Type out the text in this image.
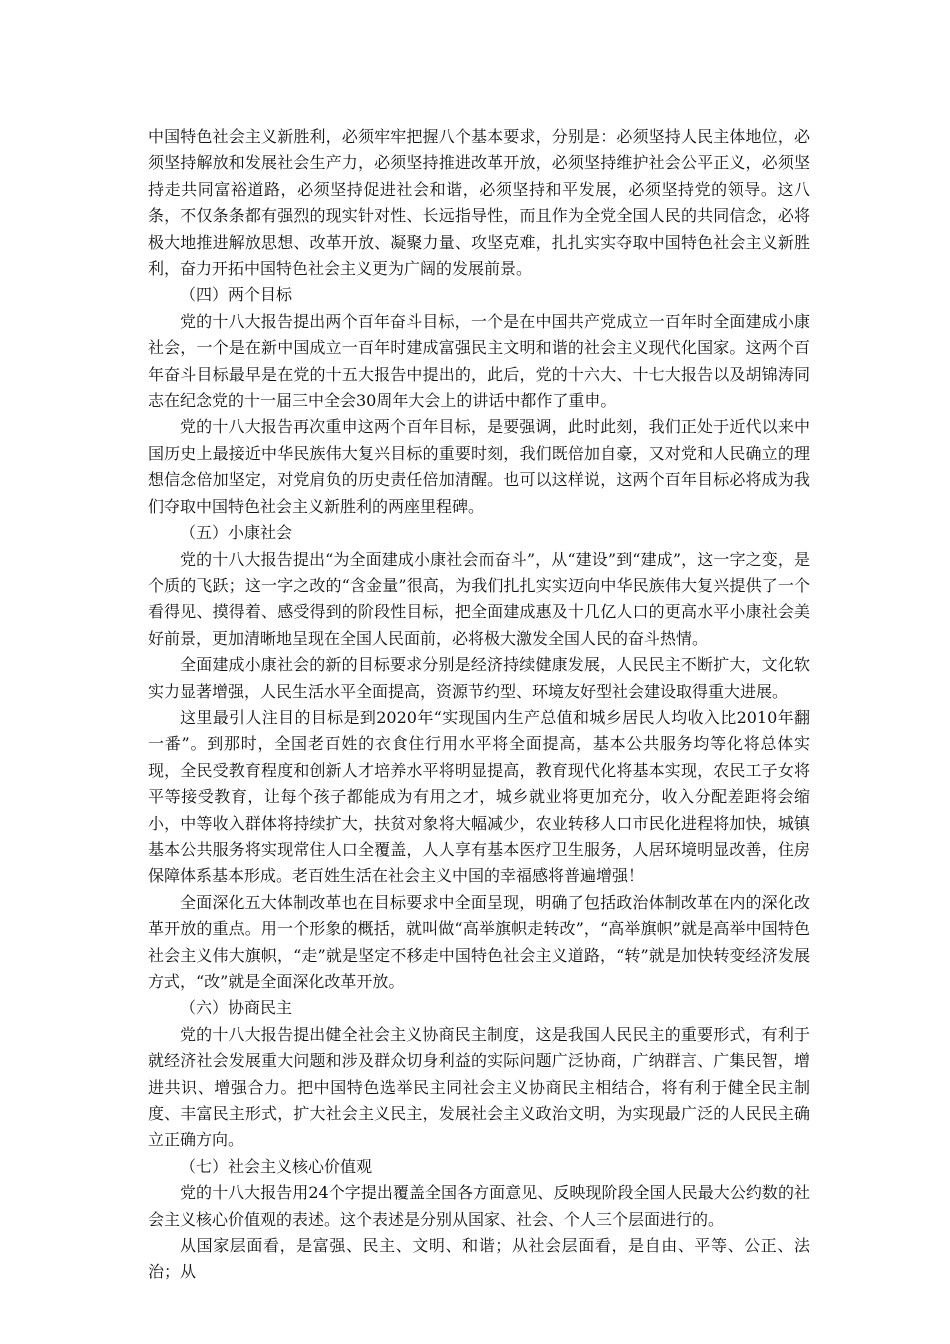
中国特色社会主义新胜利，必须牢牢把握八个基本要求，分别是：必须坚持人民主体地位，必须坚持解放和发展社会生产力，必须坚持推进改革开放，必须坚持维护社会公平正义，必须坚持走共同富裕道路，必须坚持促进社会和谐，必须坚持和平发展，必须坚持党的领导。这八条，不仅条条都有强烈的现实针对性、长远指导性，而且作为全党全国人民的共同信念，必将极大地推进解放思想、改革开放、凝聚力量、攻坚克难，扎扎实实夺取中国特色社会主义新胜利，奋力开拓中国特色社会主义更为广阔的发展前景。

（四）两个目标

党的十八大报告提出两个百年奋斗目标，一个是在中国共产党成立一百年时全面建成小康社会，一个是在新中国成立一百年时建成富强民主文明和谐的社会主义现代化国家。这两个百年奋斗目标最早是在党的十五大报告中提出的，此后，党的十六大、十七大报告以及胡锦涛同志在纪念党的十一届三中全会30周年大会上的讲话中都作了重申。

党的十八大报告再次重申这两个百年目标，是要强调，此时此刻，我们正处于近代以来中国历史上最接近中华民族伟大复兴目标的重要时刻，我们既倍加自豪，又对党和人民确立的理想信念倍加坚定，对党肩负的历史责任倍加清醒。也可以这样说，这两个百年目标必将成为我们夺取中国特色社会主义新胜利的两座里程碑。

（五）小康社会

党的十八大报告提出“为全面建成小康社会而奋斗”，从“建设”到“建成”，这一字之变，是个质的飞跃；这一字之改的“含金量”很高，为我们扎扎实实迈向中华民族伟大复兴提供了一个看得见、摸得着、感受得到的阶段性目标，把全面建成惠及十几亿人口的更高水平小康社会美好前景，更加清晰地呈现在全国人民面前，必将极大激发全国人民的奋斗热情。

全面建成小康社会的新的目标要求分别是经济持续健康发展，人民民主不断扩大，文化软实力显著增强，人民生活水平全面提高，资源节约型、环境友好型社会建设取得重大进展。

这里最引人注目的目标是到2020年“实现国内生产总值和城乡居民人均收入比2010年翻一番”。到那时，全国老百姓的衣食住行用水平将全面提高，基本公共服务均等化将总体实现，全民受教育程度和创新人才培养水平将明显提高，教育现代化将基本实现，农民工子女将平等接受教育，让每个孩子都能成为有用之才，城乡就业将更加充分，收入分配差距将会缩小，中等收入群体将持续扩大，扶贫对象将大幅减少，农业转移人口市民化进程将加快，城镇基本公共服务将实现常住人口全覆盖，人人享有基本医疗卫生服务，人居环境明显改善，住房保障体系基本形成。老百姓生活在社会主义中国的幸福感将普遍增强！

全面深化五大体制改革也在目标要求中全面呈现，明确了包括政治体制改革在内的深化改革开放的重点。用一个形象的概括，就叫做“高举旗帜走转改”，“高举旗帜”就是高举中国特色社会主义伟大旗帜，“走”就是坚定不移走中国特色社会主义道路，“转”就是加快转变经济发展方式，“改”就是全面深化改革开放。

（六）协商民主

党的十八大报告提出健全社会主义协商民主制度，这是我国人民民主的重要形式，有利于就经济社会发展重大问题和涉及群众切身利益的实际问题广泛协商，广纳群言、广集民智，增进共识、增强合力。把中国特色选举民主同社会主义协商民主相结合，将有利于健全民主制度、丰富民主形式，扩大社会主义民主，发展社会主义政治文明，为实现最广泛的人民民主确立正确方向。

（七）社会主义核心价值观

党的十八大报告用24个字提出覆盖全国各方面意见、反映现阶段全国人民最大公约数的社会主义核心价值观的表述。这个表述是分别从国家、社会、个人三个层面进行的。

从国家层面看，是富强、民主、文明、和谐；从社会层面看，是自由、平等、公正、法治；从
